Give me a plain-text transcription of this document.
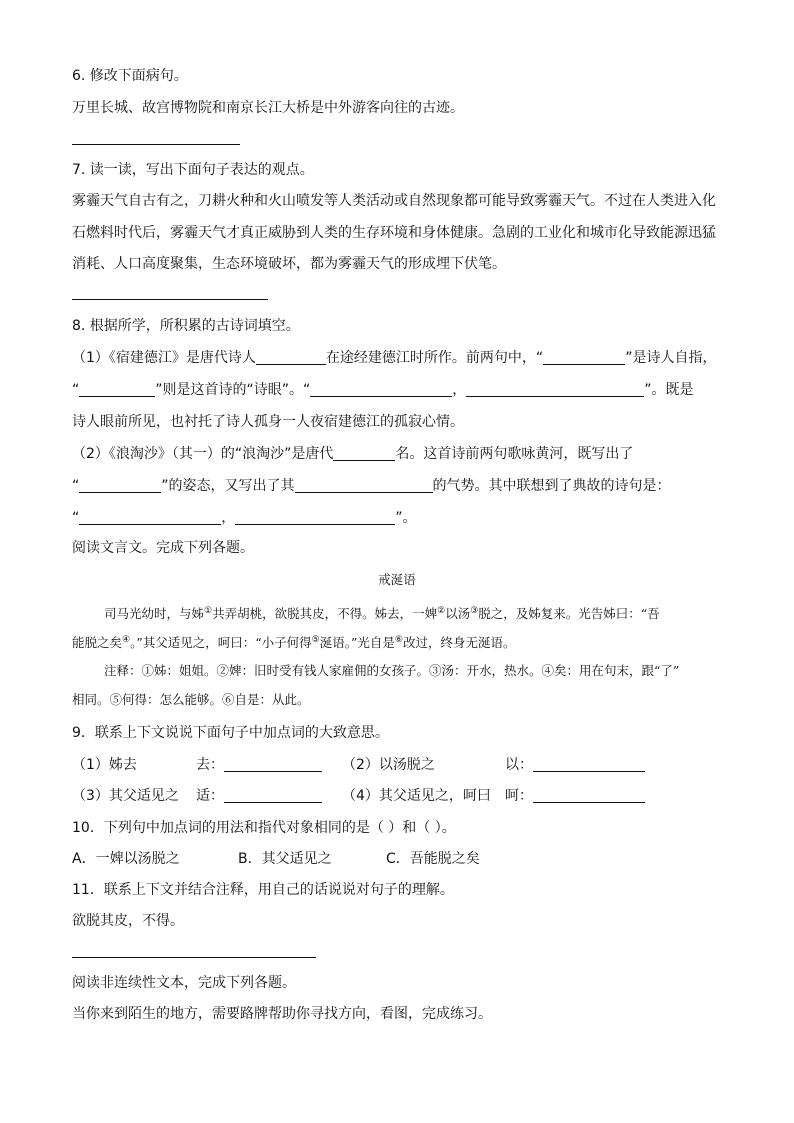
6. 修改下面病句。
万里长城、故宫博物院和南京长江大桥是中外游客向往的古迹。
7. 读一读，写出下面句子表达的观点。
雾霾天气自古有之，刀耕火种和火山喷发等人类活动或自然现象都可能导致雾霾天气。不过在人类进入化
石燃料时代后，雾霾天气才真正威胁到人类的生存环境和身体健康。急剧的工业化和城市化导致能源迅猛
消耗、人口高度聚集，生态环境破坏，都为雾霾天气的形成埋下伏笔。
8. 根据所学，所积累的古诗词填空。
（1）《宿建德江》是唐代诗人	在途经建德江时所作。前两句中，“	”是诗人自指，
“	”则是这首诗的“诗眼”。“	，	”。既是
诗人眼前所见，也衬托了诗人孤身一人夜宿建德江的孤寂心情。
（2）《浪淘沙》（其一）的“浪淘沙”是唐代	名。这首诗前两句歌咏黄河，既写出了
“	”的姿态，又写出了其	的气势。其中联想到了典故的诗句是：
“	，	”。
阅读文言文。完成下列各题。
戒涎语
司马光幼时，与姊①共弄胡桃，欲脱其皮，不得。姊去，一婢②以汤③脱之，及姊复来。光告姊曰：“吾
能脱之矣④。”其父适见之，呵曰：“小子何得⑤涎语。”光自是⑥改过，终身无涎语。
注释：①姊：姐姐。②婢：旧时受有钱人家雇佣的女孩子。③汤：开水，热水。④矣：用在句末，跟“了”
相同。⑤何得：怎么能够。⑥自是：从此。
9．联系上下文说说下面句子中加点词的大致意思。
（1）姊去	去：	（2）以汤脱之	以：
（3）其父适见之 适：	（4）其父适见之，呵曰 呵：
10．下列句中加点词的用法和指代对象相同的是（ ）和（ ）。
A．一婢以汤脱之	B．其父适见之	C．吾能脱之矣
11．联系上下文并结合注释，用自己的话说说对句子的理解。
欲脱其皮，不得。
阅读非连续性文本，完成下列各题。
当你来到陌生的地方，需要路牌帮助你寻找方向，看图，完成练习。
